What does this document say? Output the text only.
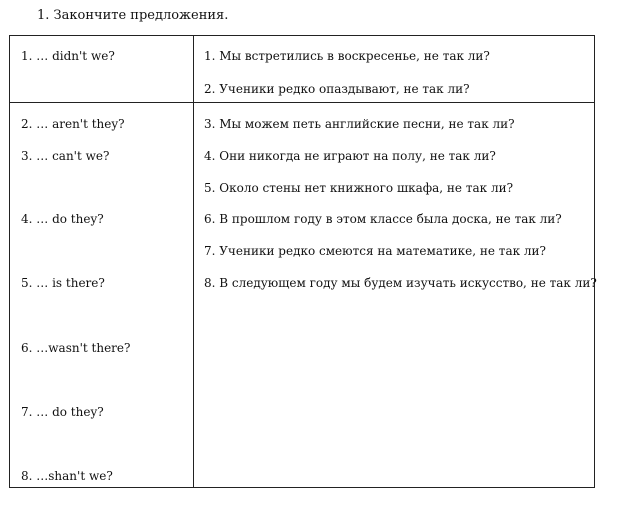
1. Закончите предложения.
1. … didn't we?
2. … aren't they?
3. … can't we?
4. … do they?
5. … is there?
6. …wasn't there?
7. … do they?
8. …shan't we?
1. Мы встретились в воскресенье, не так ли?
2. Ученики редко опаздывают, не так ли?
3. Мы можем петь английские песни, не так ли?
4. Они никогда не играют на полу, не так ли?
5. Около стены нет книжного шкафа, не так ли?
6. В прошлом году в этом классе была доска, не так ли?
7. Ученики редко смеются на математике, не так ли?
8. В следующем году мы будем изучать искусство, не так ли?
